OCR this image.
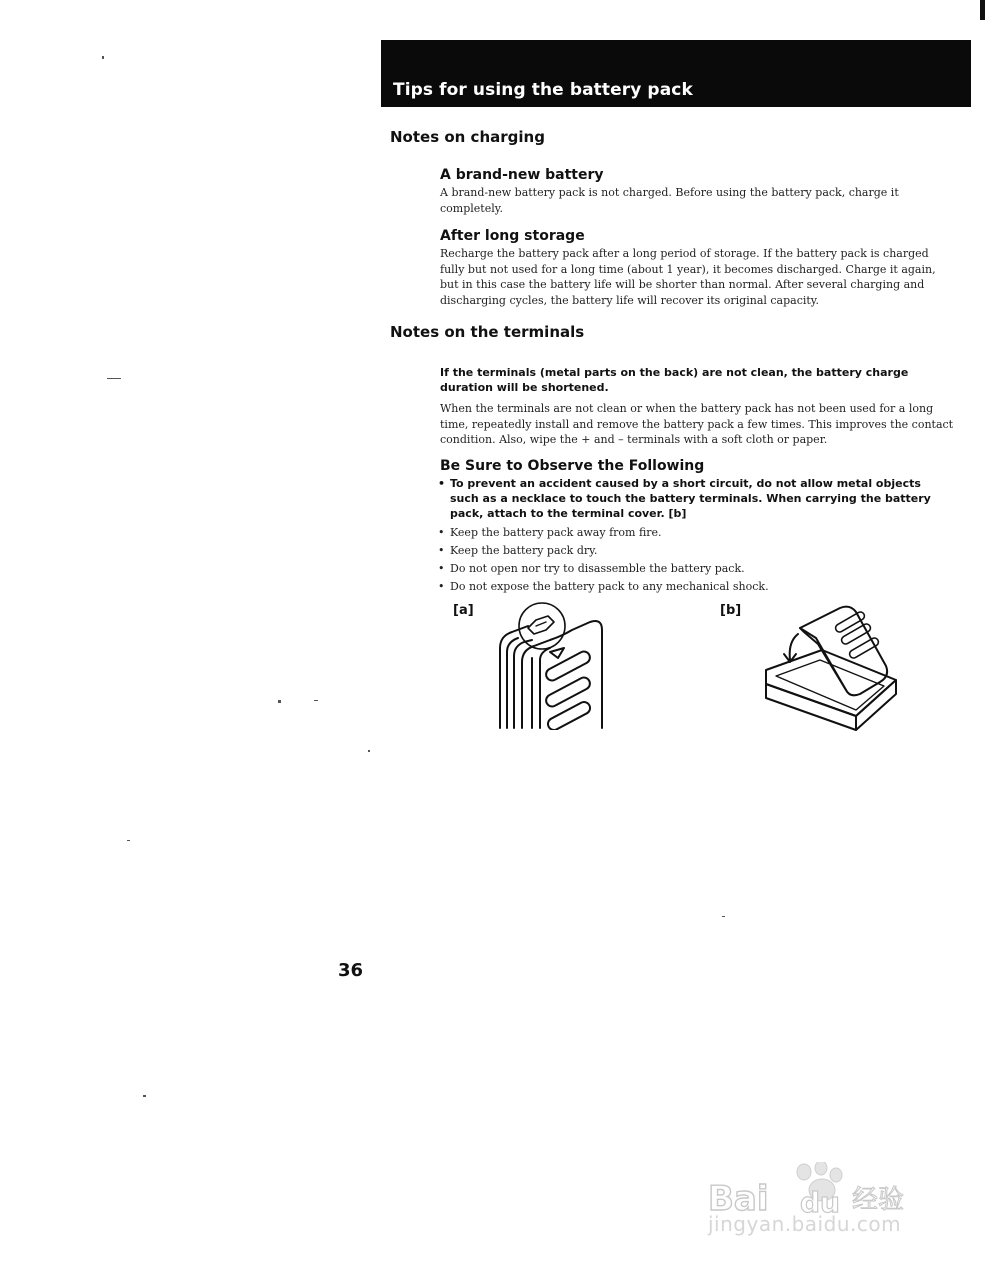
Tips for using the battery pack
Notes on charging
A brand-new battery
A brand-new battery pack is not charged. Before using the battery pack, charge it completely.
After long storage
Recharge the battery pack after a long period of storage. If the battery pack is charged fully but not used for a long time (about 1 year), it becomes discharged. Charge it again, but in this case the battery life will be shorter than normal. After several charging and discharging cycles, the battery life will recover its original capacity.
Notes on the terminals
If the terminals (metal parts on the back) are not clean, the battery charge duration will be shortened.
When the terminals are not clean or when the battery pack has not been used for a long time, repeatedly install and remove the battery pack a few times. This improves the contact condition. Also, wipe the + and – terminals with a soft cloth or paper.
Be Sure to Observe the Following
• To prevent an accident caused by a short circuit, do not allow metal objects such as a necklace to touch the battery terminals. When carrying the battery pack, attach to the terminal cover. [b]
• Keep the battery pack away from fire.
• Keep the battery pack dry.
• Do not open nor try to disassemble the battery pack.
• Do not expose the battery pack to any mechanical shock.
[a]	[b]
36
Bai du 经验
jingyan.baidu.com
